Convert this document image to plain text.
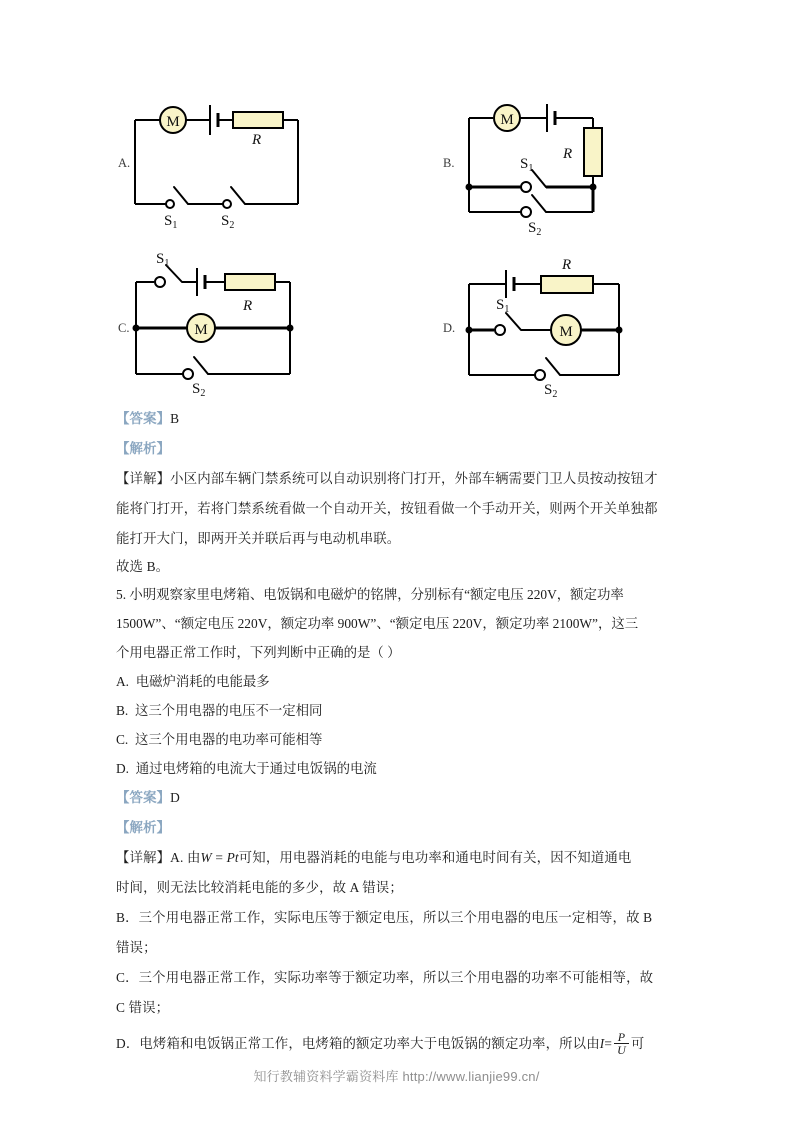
A.
R
M
$S_1$	$S_2$
B.
R
M
$S_1$
$S_2$
C.
R
M
$S_1$
$S_2$
D.
R
M
$S_1$
$S_2$
【答案】B
【解析】
【详解】小区内部车辆门禁系统可以自动识别将门打开，外部车辆需要门卫人员按动按钮才
能将门打开，若将门禁系统看做一个自动开关，按钮看做一个手动开关，则两个开关单独都
能打开大门，即两开关并联后再与电动机串联。
故选 B。
5. 小明观察家里电烤箱、电饭锅和电磁炉的铭牌，分别标有“额定电压 220V，额定功率
1500W”、“额定电压 220V，额定功率 900W”、“额定电压 220V，额定功率 2100W”，这三
个用电器正常工作时，下列判断中正确的是（ ）
A. 电磁炉消耗的电能最多
B. 这三个用电器的电压不一定相同
C. 这三个用电器的电功率可能相等
D. 通过电烤箱的电流大于通过电饭锅的电流
【答案】D
【解析】
【详解】A. 由W = Pt可知，用电器消耗的电能与电功率和通电时间有关，因不知道通电
时间，则无法比较消耗电能的多少，故 A 错误；
B．三个用电器正常工作，实际电压等于额定电压，所以三个用电器的电压一定相等，故 B
错误；
C．三个用电器正常工作，实际功率等于额定功率，所以三个用电器的功率不可能相等，故
C 错误；
D．电烤箱和电饭锅正常工作，电烤箱的额定功率大于电饭锅的额定功率，所以由$I= \frac{P}{U}$ 可
知行教辅资料学霸资料库 http://www.lianjie99.cn/
